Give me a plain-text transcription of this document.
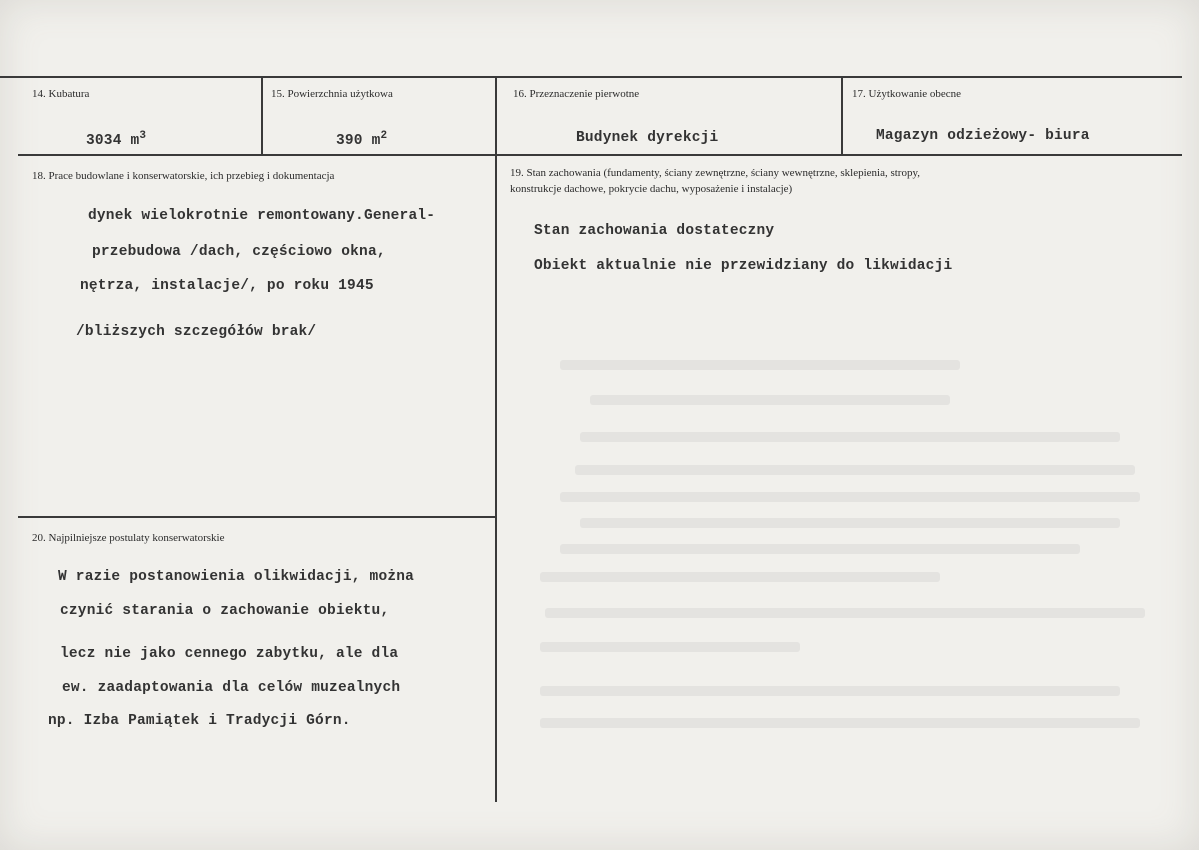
14. Kubatura
3034 $m^3$
15. Powierzchnia użytkowa
390 $m^2$
16. Przeznaczenie pierwotne
Budynek dyrekcji
17. Użytkowanie obecne
Magazyn odzieżowy- biura
18. Prace budowlane i konserwatorskie, ich przebieg i dokumentacja
dynek wielokrotnie remontowany.General-
przebudowa /dach, częściowo okna,
nętrza, instalacje/, po roku 1945
/bliższych szczegółów brak/
19. Stan zachowania (fundamenty, ściany zewnętrzne, ściany wewnętrzne, sklepienia, stropy,
konstrukcje dachowe, pokrycie dachu, wyposażenie i instalacje)
Stan zachowania dostateczny
Obiekt aktualnie nie przewidziany do likwidacji
20. Najpilniejsze postulaty konserwatorskie
W razie postanowienia olikwidacji, można
czynić starania o zachowanie obiektu,
lecz nie jako cennego zabytku, ale dla
ew. zaadaptowania dla celów muzealnych
np. Izba Pamiątek i Tradycji Górn.
